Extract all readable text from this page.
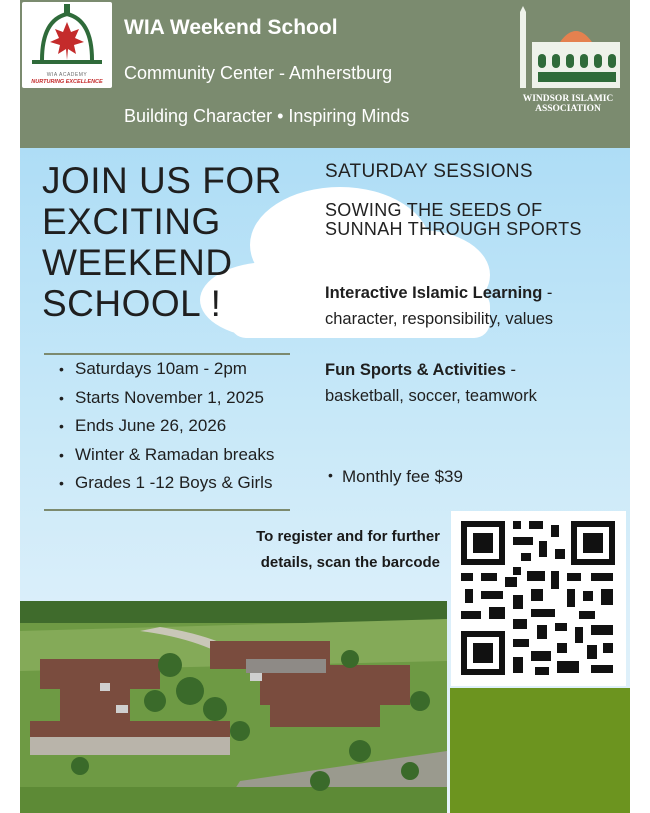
WIA ACADEMY
NURTURING EXCELLENCE
WIA Weekend School
Community Center - Amherstburg
Building Character • Inspiring Minds
WINDSOR ISLAMIC
ASSOCIATION
JOIN US FOR
EXCITING
WEEKEND
SCHOOL !
• Saturdays 10am - 2pm
• Starts November 1, 2025
• Ends June 26, 2026
• Winter & Ramadan breaks
• Grades 1 -12 Boys & Girls
SATURDAY SESSIONS
SOWING THE SEEDS OF
SUNNAH THROUGH SPORTS
Interactive Islamic Learning -
character, responsibility, values
Fun Sports & Activities -
basketball, soccer, teamwork
• Monthly fee $39
To register and for further
details, scan the barcode
